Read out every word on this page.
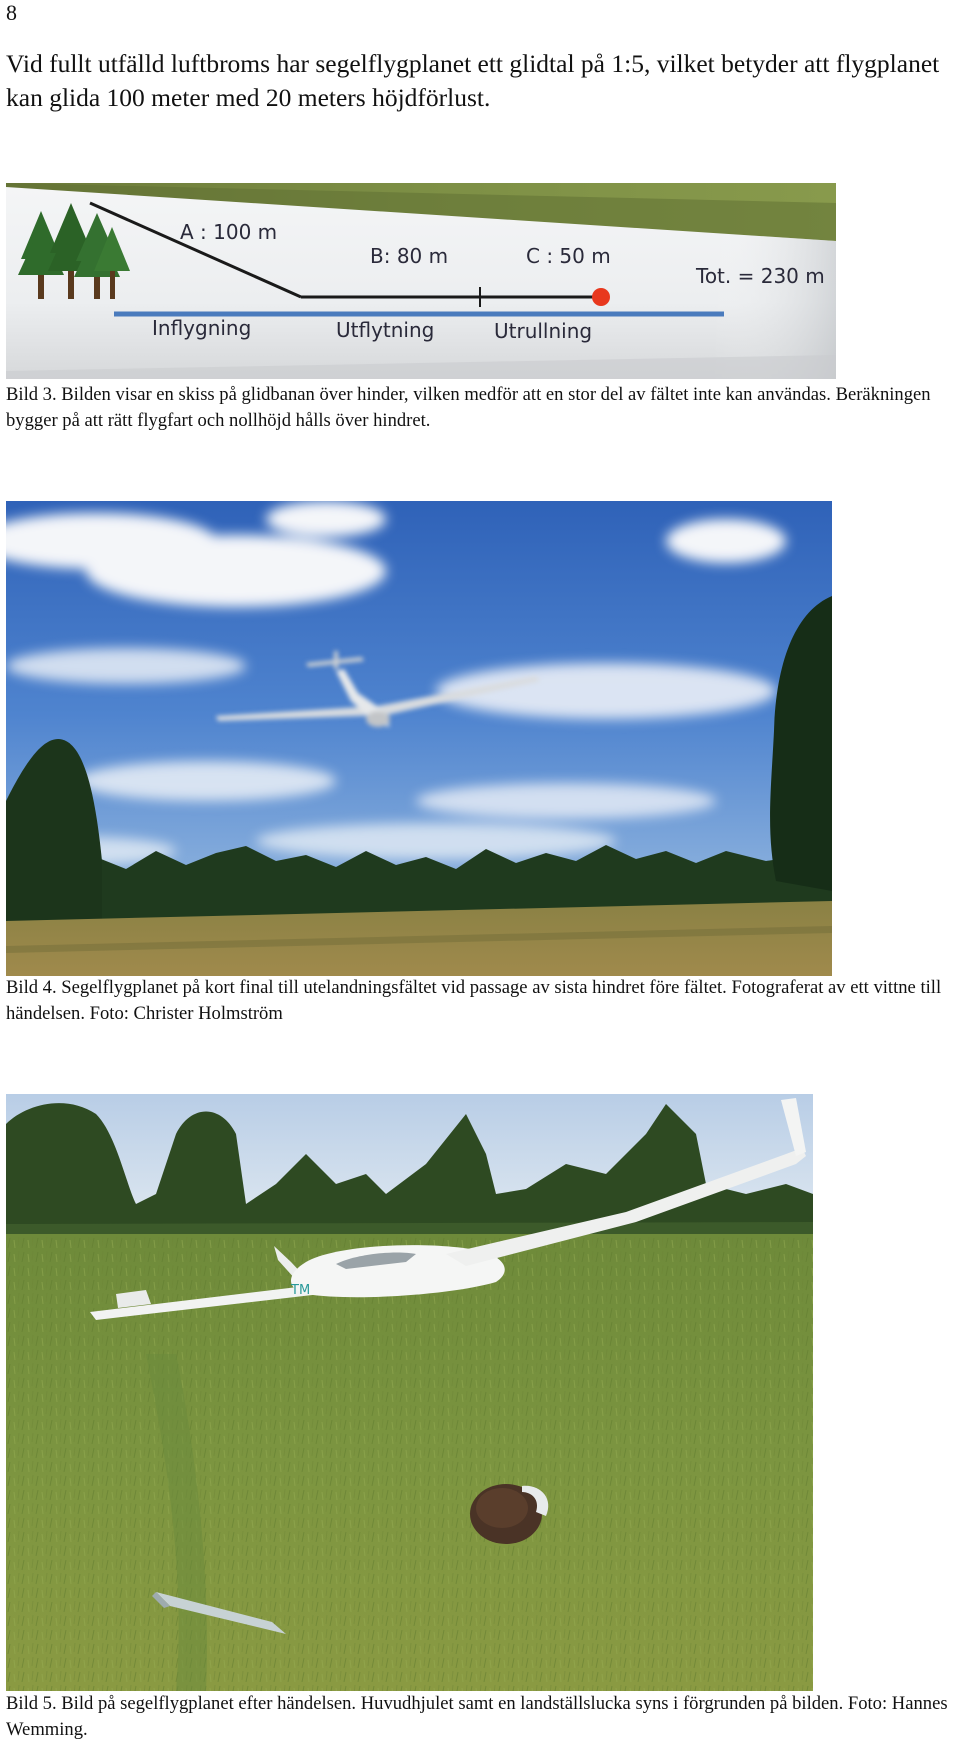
8

Vid fullt utfälld luftbroms har segelflygplanet ett glidtal på 1:5, vilket betyder att flygplanet kan glida 100 meter med 20 meters höjdförlust.

A : 100 m
B: 80 m	C : 50 m
Tot. = 230 m
Inflygning	Utflytning	Utrullning
Bild 3. Bilden visar en skiss på glidbanan över hinder, vilken medför att en stor del av fältet inte kan användas. Beräkningen bygger på att rätt flygfart och nollhöjd hålls över hindret.
Bild 4. Segelflygplanet på kort final till utelandningsfältet vid passage av sista hindret före fältet. Fotograferat av ett vittne till händelsen. Foto: Christer Holmström
TM
Bild 5. Bild på segelflygplanet efter händelsen. Huvudhjulet samt en landställslucka syns i förgrunden på bilden. Foto: Hannes Wemming.
